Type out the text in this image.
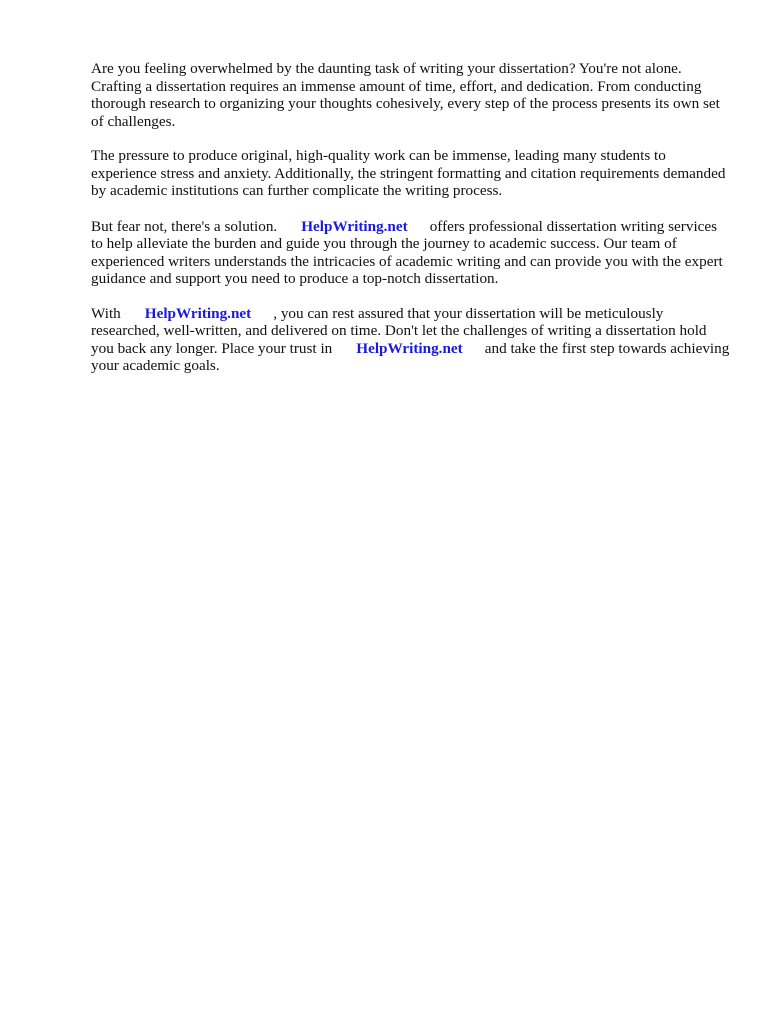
Are you feeling overwhelmed by the daunting task of writing your dissertation? You're not alone. Crafting a dissertation requires an immense amount of time, effort, and dedication. From conducting thorough research to organizing your thoughts cohesively, every step of the process presents its own set of challenges.

The pressure to produce original, high-quality work can be immense, leading many students to experience stress and anxiety. Additionally, the stringent formatting and citation requirements demanded by academic institutions can further complicate the writing process.

But fear not, there's a solution. HelpWriting.net offers professional dissertation writing services to help alleviate the burden and guide you through the journey to academic success. Our team of experienced writers understands the intricacies of academic writing and can provide you with the expert guidance and support you need to produce a top-notch dissertation.

With HelpWriting.net , you can rest assured that your dissertation will be meticulously researched, well-written, and delivered on time. Don't let the challenges of writing a dissertation hold you back any longer. Place your trust in HelpWriting.net and take the first step towards achieving your academic goals.
